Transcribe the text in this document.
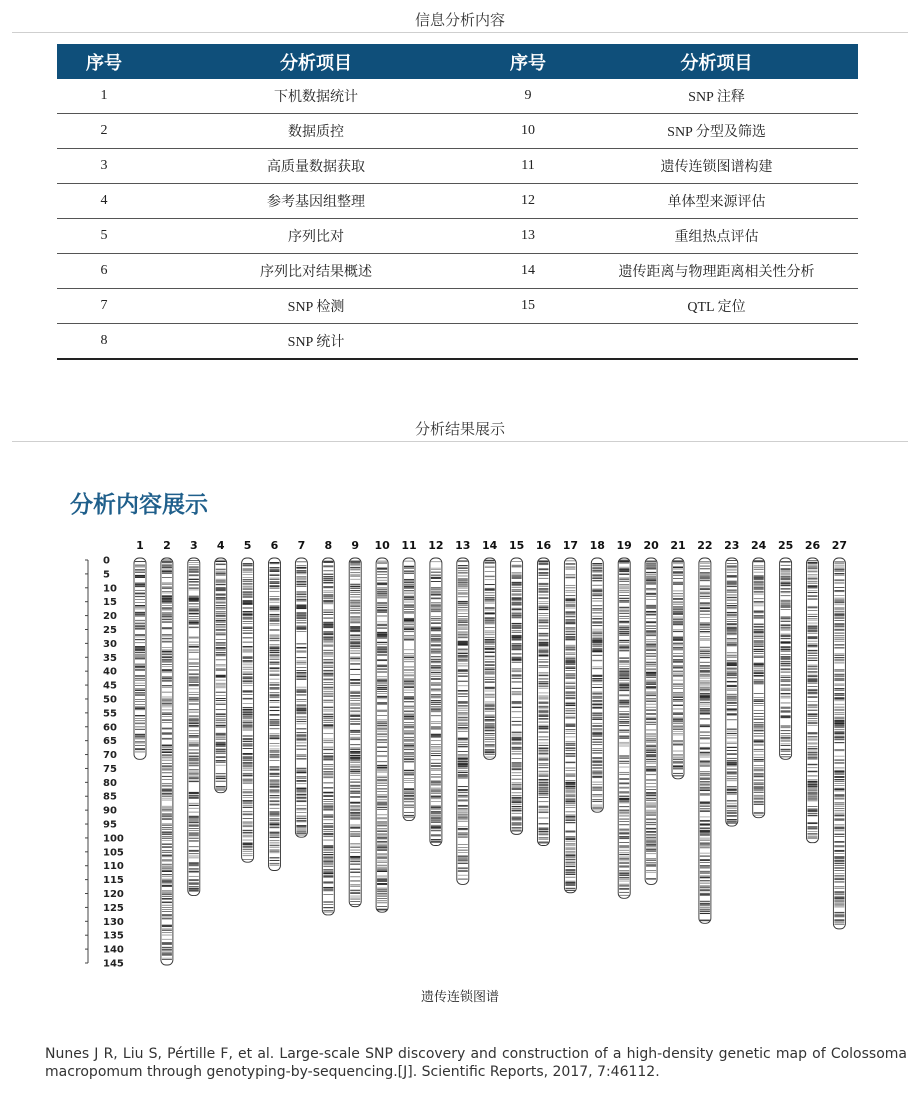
信息分析内容
序号	分析项目	序号	分析项目
1	下机数据统计	9	SNP 注释
2	数据质控	10	SNP 分型及筛选
3	高质量数据获取	11	遗传连锁图谱构建
4	参考基因组整理	12	单体型来源评估
5	序列比对	13	重组热点评估
6	序列比对结果概述	14	遗传距离与物理距离相关性分析
7	SNP 检测	15	QTL 定位
8	SNP 统计		
分析结果展示
分析内容展示
0
5
10
15
20
25
30
35
40
45
50
55
60
65
70
75
80
85
90
95
100
105
110
115
120
125
130
135
140
145
1 2 3 4 5 6 7 8 9 10 11 12 13 14 15 16 17 18 19 20 21 22 23 24 25 26 27
遗传连锁图谱
Nunes J R, Liu S, Pértille F, et al. Large-scale SNP discovery and construction of a high-density genetic map of Colossoma macropomum through genotyping-by-sequencing.[J]. Scientific Reports, 2017, 7:46112.
